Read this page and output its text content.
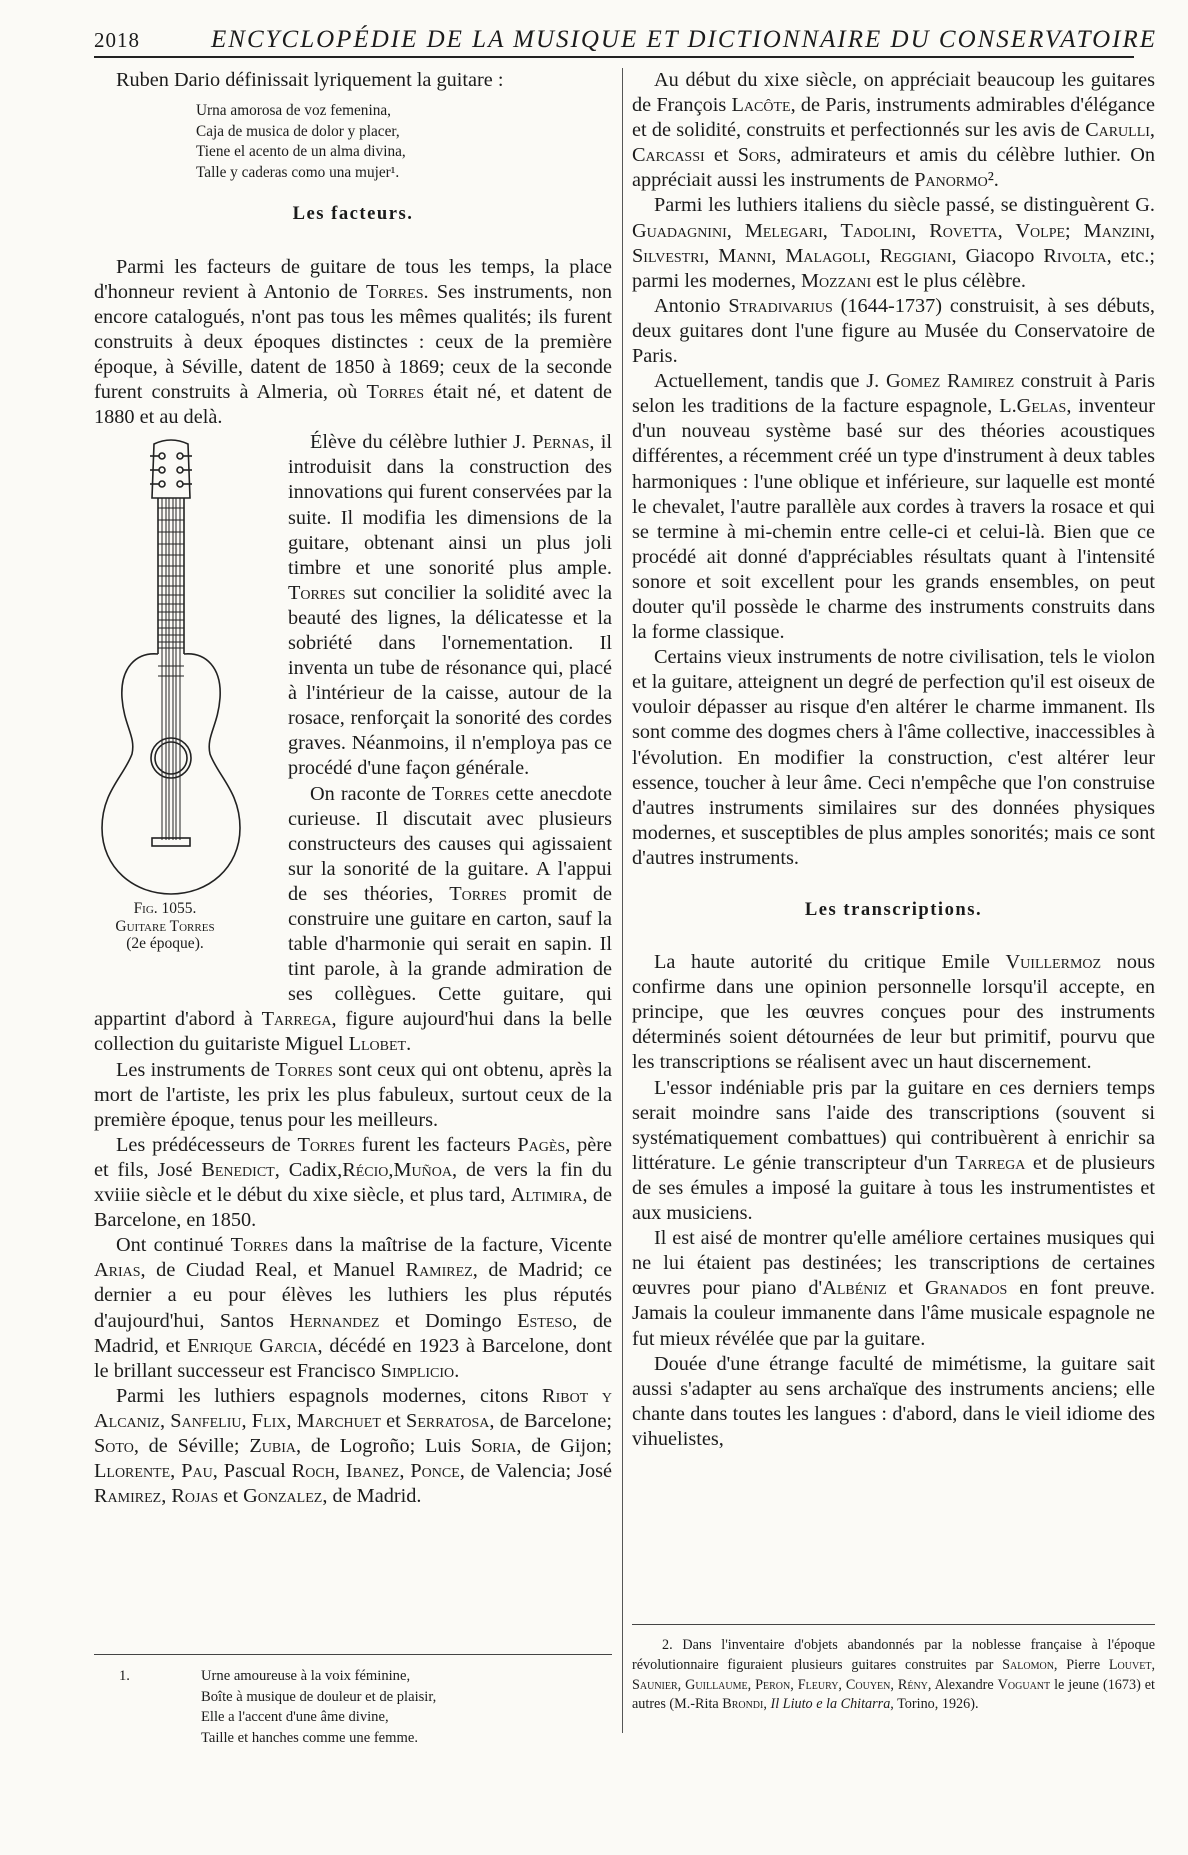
2018	ENCYCLOPÉDIE DE LA MUSIQUE ET DICTIONNAIRE DU CONSERVATOIRE

Ruben Dario définissait lyriquement la guitare :

Urna amorosa de voz femenina,
Caja de musica de dolor y placer,
Tiene el acento de un alma divina,
Talle y caderas como una mujer¹.
Les facteurs.

Parmi les facteurs de guitare de tous les temps, la place d'honneur revient à Antonio de Torres. Ses instruments, non encore catalogués, n'ont pas tous les mêmes qualités; ils furent construits à deux époques distinctes : ceux de la première époque, à Séville, datent de 1850 à 1869; ceux de la seconde furent construits à Almeria, où Torres était né, et datent de 1880 et au delà.

Fig. 1055.
Guitare Torres
(2e époque).

Élève du célèbre luthier J. Pernas, il introduisit dans la construction des innovations qui furent conservées par la suite. Il modifia les dimensions de la guitare, obtenant ainsi un plus joli timbre et une sonorité plus ample. Torres sut concilier la solidité avec la beauté des lignes, la délicatesse et la sobriété dans l'ornementation. Il inventa un tube de résonance qui, placé à l'intérieur de la caisse, autour de la rosace, renforçait la sonorité des cordes graves. Néanmoins, il n'employa pas ce procédé d'une façon générale.

On raconte de Torres cette anecdote curieuse. Il discutait avec plusieurs constructeurs des causes qui agissaient sur la sonorité de la guitare. A l'appui de ses théories, Torres promit de construire une guitare en carton, sauf la table d'harmonie qui serait en sapin. Il tint parole, à la grande admiration de ses collègues. Cette guitare, qui appartint d'abord à Tarrega, figure aujourd'hui dans la belle collection du guitariste Miguel Llobet.

Les instruments de Torres sont ceux qui ont obtenu, après la mort de l'artiste, les prix les plus fabuleux, surtout ceux de la première époque, tenus pour les meilleurs.

Les prédécesseurs de Torres furent les facteurs Pagès, père et fils, José Benedict, Cadix,Récio,Muñoa, de vers la fin du xviiie siècle et le début du xixe siècle, et plus tard, Altimira, de Barcelone, en 1850.

Ont continué Torres dans la maîtrise de la facture, Vicente Arias, de Ciudad Real, et Manuel Ramirez, de Madrid; ce dernier a eu pour élèves les luthiers les plus réputés d'aujourd'hui, Santos Hernandez et Domingo Esteso, de Madrid, et Enrique Garcia, décédé en 1923 à Barcelone, dont le brillant successeur est Francisco Simplicio.

Parmi les luthiers espagnols modernes, citons Ribot y Alcaniz, Sanfeliu, Flix, Marchuet et Serratosa, de Barcelone; Soto, de Séville; Zubia, de Logroño; Luis Soria, de Gijon; Llorente, Pau, Pascual Roch, Ibanez, Ponce, de Valencia; José Ramirez, Rojas et Gonzalez, de Madrid.

1.	Urne amoureuse à la voix féminine,
Boîte à musique de douleur et de plaisir,
Elle a l'accent d'une âme divine,
Taille et hanches comme une femme.

Au début du xixe siècle, on appréciait beaucoup les guitares de François Lacôte, de Paris, instruments admirables d'élégance et de solidité, construits et perfectionnés sur les avis de Carulli, Carcassi et Sors, admirateurs et amis du célèbre luthier. On appréciait aussi les instruments de Panormo².

Parmi les luthiers italiens du siècle passé, se distinguèrent G. Guadagnini, Melegari, Tadolini, Rovetta, Volpe; Manzini, Silvestri, Manni, Malagoli, Reggiani, Giacopo Rivolta, etc.; parmi les modernes, Mozzani est le plus célèbre.

Antonio Stradivarius (1644-1737) construisit, à ses débuts, deux guitares dont l'une figure au Musée du Conservatoire de Paris.

Actuellement, tandis que J. Gomez Ramirez construit à Paris selon les traditions de la facture espagnole, L.Gelas, inventeur d'un nouveau système basé sur des théories acoustiques différentes, a récemment créé un type d'instrument à deux tables harmoniques : l'une oblique et inférieure, sur laquelle est monté le chevalet, l'autre parallèle aux cordes à travers la rosace et qui se termine à mi-chemin entre celle-ci et celui-là. Bien que ce procédé ait donné d'appréciables résultats quant à l'intensité sonore et soit excellent pour les grands ensembles, on peut douter qu'il possède le charme des instruments construits dans la forme classique.

Certains vieux instruments de notre civilisation, tels le violon et la guitare, atteignent un degré de perfection qu'il est oiseux de vouloir dépasser au risque d'en altérer le charme immanent. Ils sont comme des dogmes chers à l'âme collective, inaccessibles à l'évolution. En modifier la construction, c'est altérer leur essence, toucher à leur âme. Ceci n'empêche que l'on construise d'autres instruments similaires sur des données physiques modernes, et susceptibles de plus amples sonorités; mais ce sont d'autres instruments.

Les transcriptions.

La haute autorité du critique Emile Vuillermoz nous confirme dans une opinion personnelle lorsqu'il accepte, en principe, que les œuvres conçues pour des instruments déterminés soient détournées de leur but primitif, pourvu que les transcriptions se réalisent avec un haut discernement.

L'essor indéniable pris par la guitare en ces derniers temps serait moindre sans l'aide des transcriptions (souvent si systématiquement combattues) qui contribuèrent à enrichir sa littérature. Le génie transcripteur d'un Tarrega et de plusieurs de ses émules a imposé la guitare à tous les instrumentistes et aux musiciens.

Il est aisé de montrer qu'elle améliore certaines musiques qui ne lui étaient pas destinées; les transcriptions de certaines œuvres pour piano d'Albéniz et Granados en font preuve. Jamais la couleur immanente dans l'âme musicale espagnole ne fut mieux révélée que par la guitare.

Douée d'une étrange faculté de mimétisme, la guitare sait aussi s'adapter au sens archaïque des instruments anciens; elle chante dans toutes les langues : d'abord, dans le vieil idiome des vihuelistes,

2. Dans l'inventaire d'objets abandonnés par la noblesse française à l'époque révolutionnaire figuraient plusieurs guitares construites par Salomon, Pierre Louvet, Saunier, Guillaume, Peron, Fleury, Couyen, Rény, Alexandre Voguant le jeune (1673) et autres (M.-Rita Brondi, Il Liuto e la Chitarra, Torino, 1926).
